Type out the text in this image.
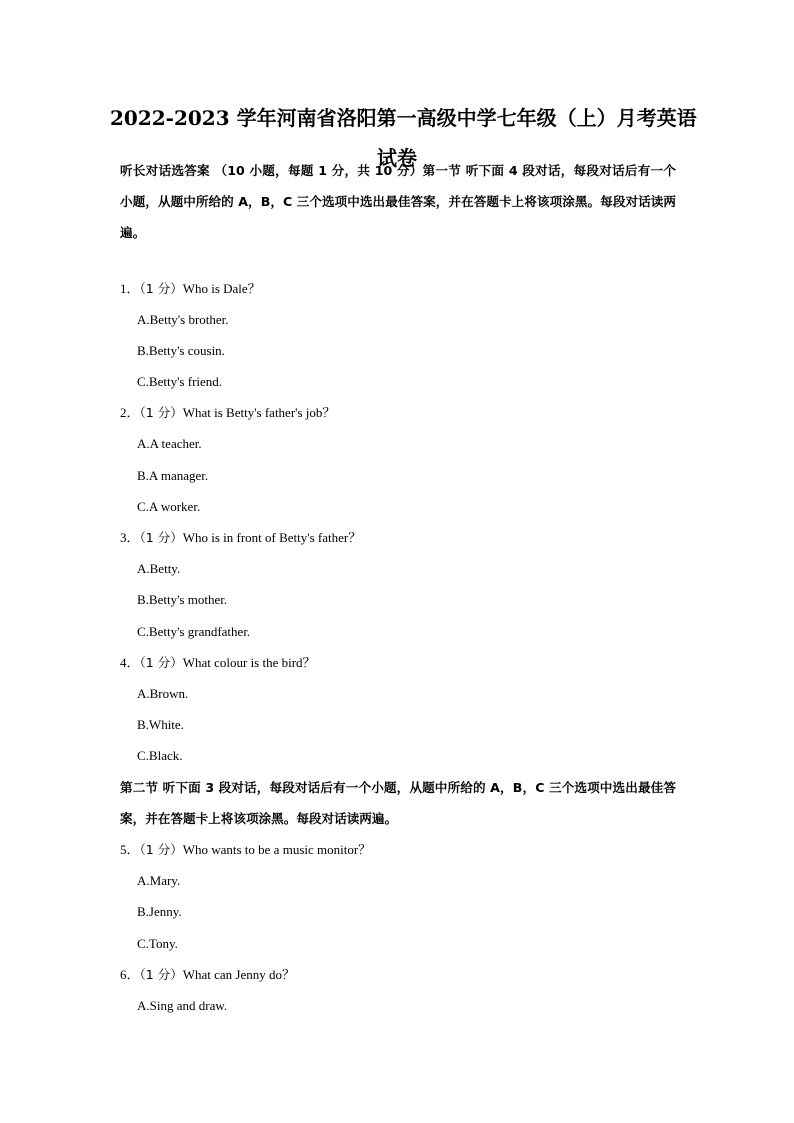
2022-2023 学年河南省洛阳第一高级中学七年级（上）月考英语
试卷
听长对话选答案 （10 小题，每题 1 分，共 10 分）第一节 听下面 4 段对话，每段对话后有一个小题，从题中所给的 A，B，C 三个选项中选出最佳答案，并在答题卡上将该项涂黑。每段对话读两遍。
1．（1 分）Who is Dale？
A.Betty's brother.
B.Betty's cousin.
C.Betty's friend.
2．（1 分）What is Betty's father's job？
A.A teacher.
B.A manager.
C.A worker.
3．（1 分）Who is in front of Betty's father？
A.Betty.
B.Betty's mother.
C.Betty's grandfather.
4．（1 分）What colour is the bird？
A.Brown.
B.White.
C.Black.
第二节 听下面 3 段对话，每段对话后有一个小题，从题中所给的 A，B，C 三个选项中选出最佳答案，并在答题卡上将该项涂黑。每段对话读两遍。
5．（1 分）Who wants to be a music monitor？
A.Mary.
B.Jenny.
C.Tony.
6．（1 分）What can Jenny do？
A.Sing and draw.
